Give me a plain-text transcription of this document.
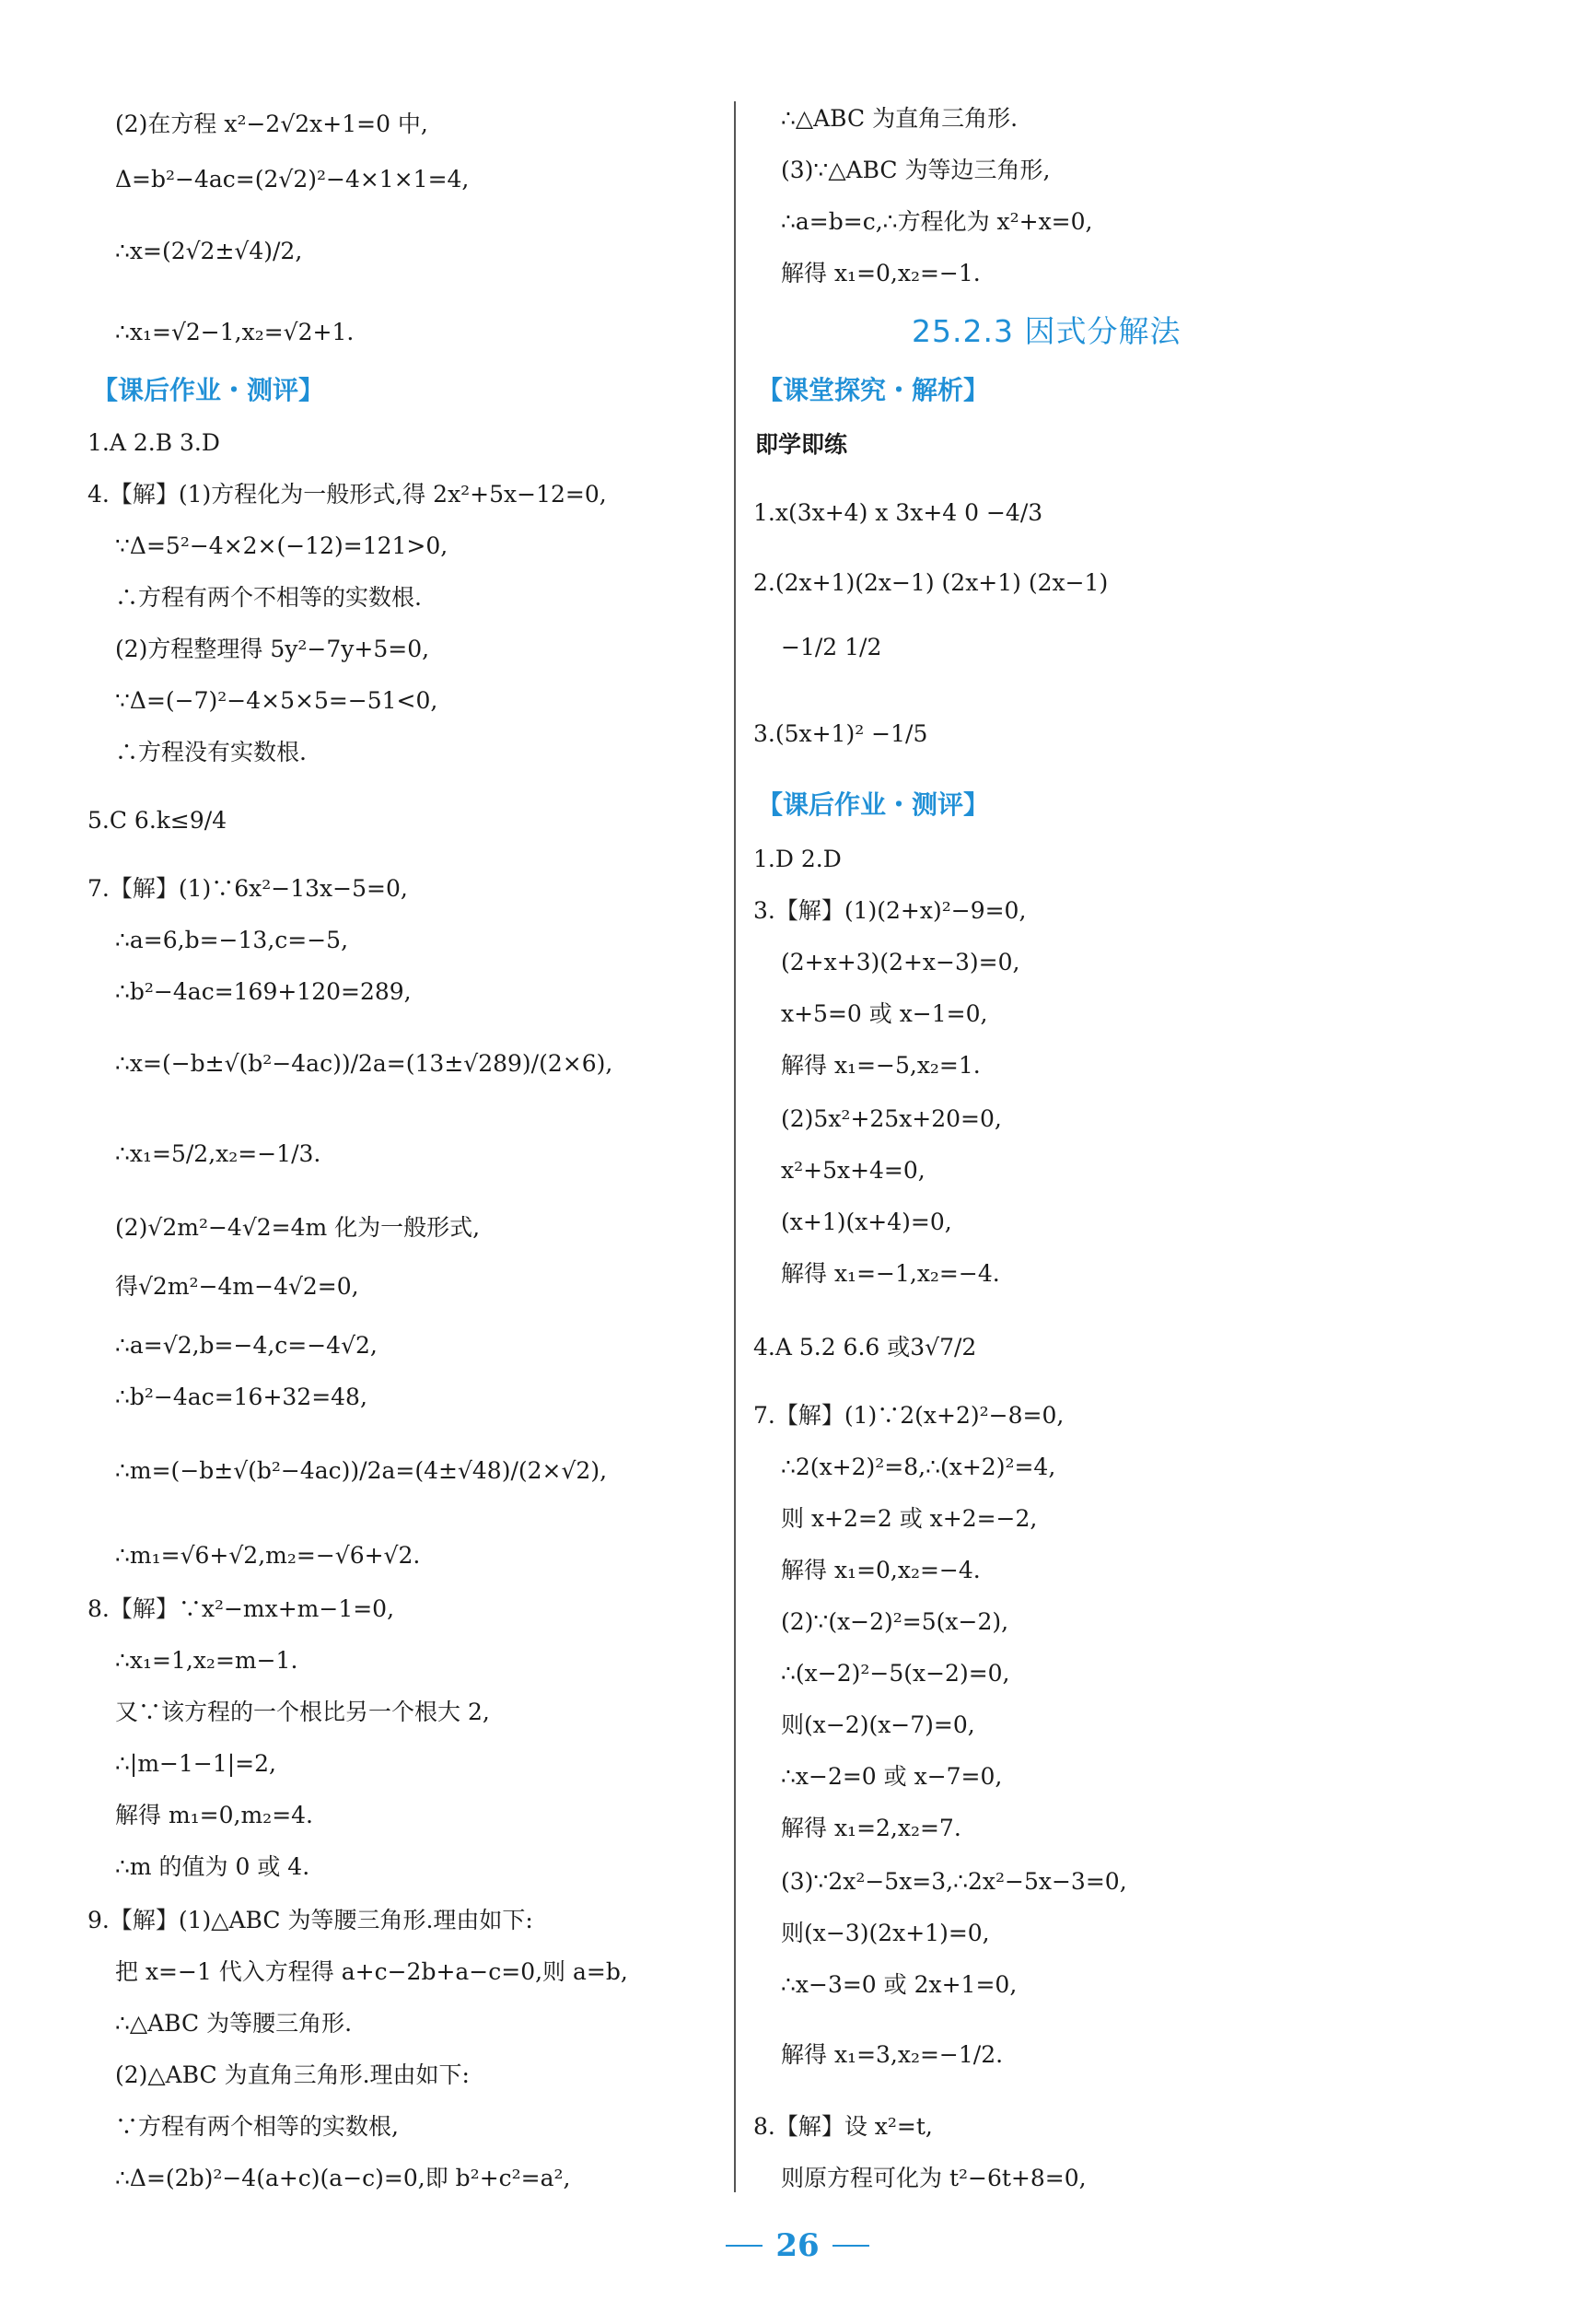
(2)在方程 x²−2√2x+1=0 中,
Δ=b²−4ac=(2√2)²−4×1×1=4,
∴x=(2√2±√4)/2,
∴x₁=√2−1,x₂=√2+1.
1.A 2.B 3.D
4.【解】(1)方程化为一般形式,得 2x²+5x−12=0,
∵Δ=5²−4×2×(−12)=121>0,
∴方程有两个不相等的实数根.
(2)方程整理得 5y²−7y+5=0,
∵Δ=(−7)²−4×5×5=−51<0,
∴方程没有实数根.
5.C 6.k≤9/4
7.【解】(1)∵6x²−13x−5=0,
∴a=6,b=−13,c=−5,
∴b²−4ac=169+120=289,
∴x=(−b±√(b²−4ac))/2a=(13±√289)/(2×6),
∴x₁=5/2,x₂=−1/3.
(2)√2m²−4√2=4m 化为一般形式,
得√2m²−4m−4√2=0,
∴a=√2,b=−4,c=−4√2,
∴b²−4ac=16+32=48,
∴m=(−b±√(b²−4ac))/2a=(4±√48)/(2×√2),
∴m₁=√6+√2,m₂=−√6+√2.
8.【解】∵x²−mx+m−1=0,
∴x₁=1,x₂=m−1.
又∵该方程的一个根比另一个根大 2,
∴|m−1−1|=2,
解得 m₁=0,m₂=4.
∴m 的值为 0 或 4.
9.【解】(1)△ABC 为等腰三角形.理由如下:
把 x=−1 代入方程得 a+c−2b+a−c=0,则 a=b,
∴△ABC 为等腰三角形.
(2)△ABC 为直角三角形.理由如下:
∵方程有两个相等的实数根,
∴Δ=(2b)²−4(a+c)(a−c)=0,即 b²+c²=a²,
∴△ABC 为直角三角形.
(3)∵△ABC 为等边三角形,
∴a=b=c,∴方程化为 x²+x=0,
解得 x₁=0,x₂=−1.
1.x(3x+4) x 3x+4 0 −4/3
2.(2x+1)(2x−1) (2x+1) (2x−1)
−1/2 1/2
3.(5x+1)² −1/5
1.D 2.D
3.【解】(1)(2+x)²−9=0,
(2+x+3)(2+x−3)=0,
x+5=0 或 x−1=0,
解得 x₁=−5,x₂=1.
(2)5x²+25x+20=0,
x²+5x+4=0,
(x+1)(x+4)=0,
解得 x₁=−1,x₂=−4.
4.A 5.2 6.6 或3√7/2
7.【解】(1)∵2(x+2)²−8=0,
∴2(x+2)²=8,∴(x+2)²=4,
则 x+2=2 或 x+2=−2,
解得 x₁=0,x₂=−4.
(2)∵(x−2)²=5(x−2),
∴(x−2)²−5(x−2)=0,
则(x−2)(x−7)=0,
∴x−2=0 或 x−7=0,
解得 x₁=2,x₂=7.
(3)∵2x²−5x=3,∴2x²−5x−3=0,
则(x−3)(2x+1)=0,
∴x−3=0 或 2x+1=0,
解得 x₁=3,x₂=−1/2.
8.【解】设 x²=t,
则原方程可化为 t²−6t+8=0,
【课后作业・测评】
25.2.3 因式分解法
【课堂探究・解析】
即学即练
【课后作业・测评】
26
